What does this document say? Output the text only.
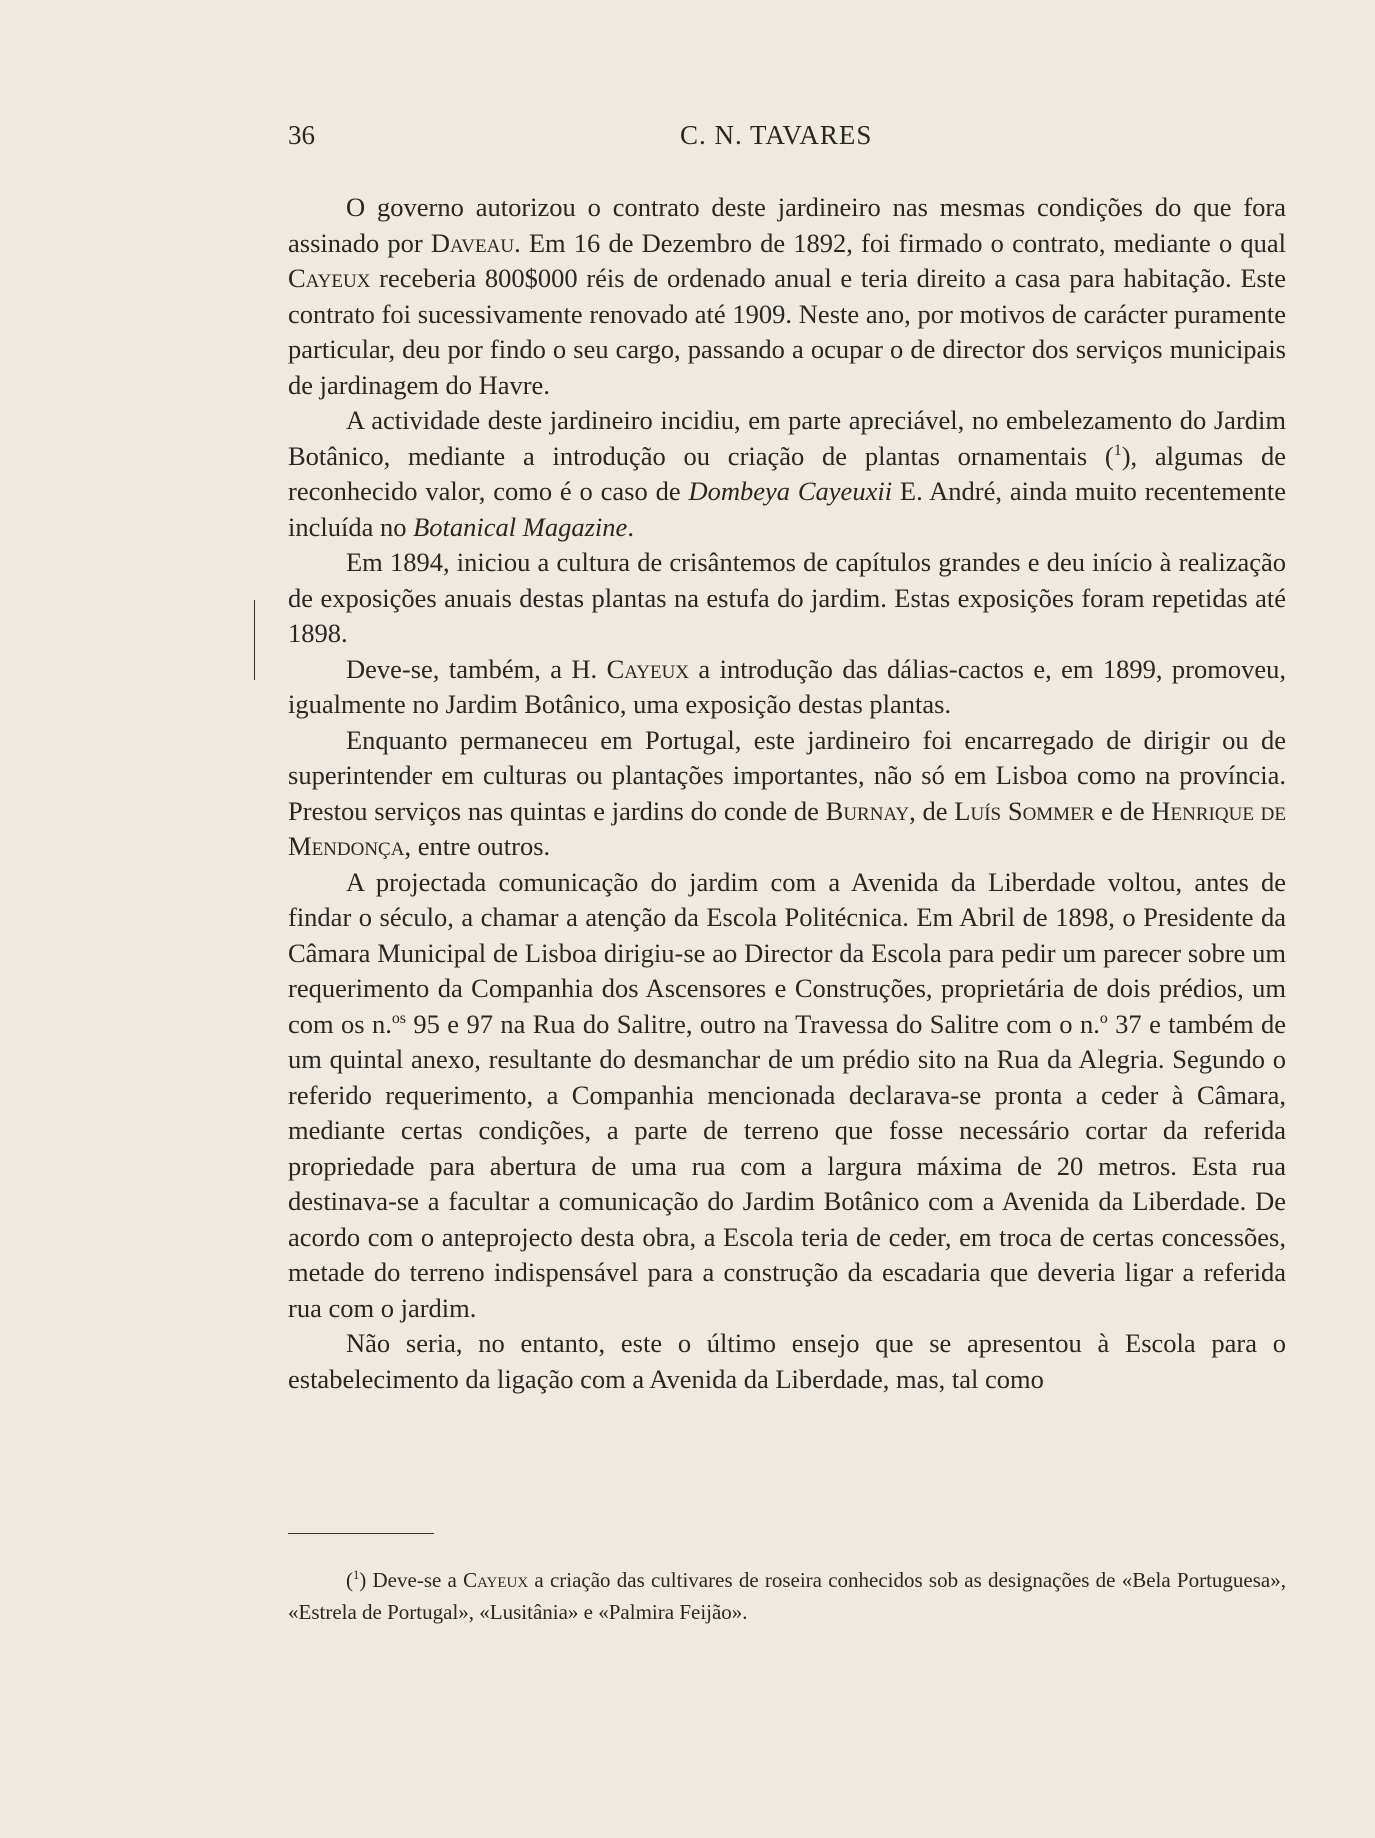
36	C. N. TAVARES

O governo autorizou o contrato deste jardineiro nas mesmas condições do que fora assinado por Daveau. Em 16 de Dezembro de 1892, foi firmado o contrato, mediante o qual Cayeux receberia 800$000 réis de ordenado anual e teria direito a casa para habitação. Este contrato foi sucessivamente renovado até 1909. Neste ano, por motivos de carácter puramente particular, deu por findo o seu cargo, passando a ocupar o de director dos serviços municipais de jardinagem do Havre.

A actividade deste jardineiro incidiu, em parte apreciável, no embelezamento do Jardim Botânico, mediante a introdução ou criação de plantas ornamentais ($^1$), algumas de reconhecido valor, como é o caso de Dombeya Cayeuxii E. André, ainda muito recentemente incluída no Botanical Magazine.

Em 1894, iniciou a cultura de crisântemos de capítulos grandes e deu início à realização de exposições anuais destas plantas na estufa do jardim. Estas exposições foram repetidas até 1898.

Deve-se, também, a H. Cayeux a introdução das dálias-cactos e, em 1899, promoveu, igualmente no Jardim Botânico, uma exposição destas plantas.

Enquanto permaneceu em Portugal, este jardineiro foi encarregado de dirigir ou de superintender em culturas ou plantações importantes, não só em Lisboa como na província. Prestou serviços nas quintas e jardins do conde de Burnay, de Luís Sommer e de Henrique de Mendonça, entre outros.

A projectada comunicação do jardim com a Avenida da Liberdade voltou, antes de findar o século, a chamar a atenção da Escola Politécnica. Em Abril de 1898, o Presidente da Câmara Municipal de Lisboa dirigiu-se ao Director da Escola para pedir um parecer sobre um requerimento da Companhia dos Ascensores e Construções, proprietária de dois prédios, um com os n.$^{os}$ 95 e 97 na Rua do Salitre, outro na Travessa do Salitre com o n.$^o$ 37 e também de um quintal anexo, resultante do desmanchar de um prédio sito na Rua da Alegria. Segundo o referido requerimento, a Companhia mencionada declarava-se pronta a ceder à Câmara, mediante certas condições, a parte de terreno que fosse necessário cortar da referida propriedade para abertura de uma rua com a largura máxima de 20 metros. Esta rua destinava-se a facultar a comunicação do Jardim Botânico com a Avenida da Liberdade. De acordo com o anteprojecto desta obra, a Escola teria de ceder, em troca de certas concessões, metade do terreno indispensável para a construção da escadaria que deveria ligar a referida rua com o jardim.

Não seria, no entanto, este o último ensejo que se apresentou à Escola para o estabelecimento da ligação com a Avenida da Liberdade, mas, tal como

($^1$) Deve-se a Cayeux a criação das cultivares de roseira conhecidos sob as designações de «Bela Portuguesa», «Estrela de Portugal», «Lusitânia» e «Palmira Feijão».
